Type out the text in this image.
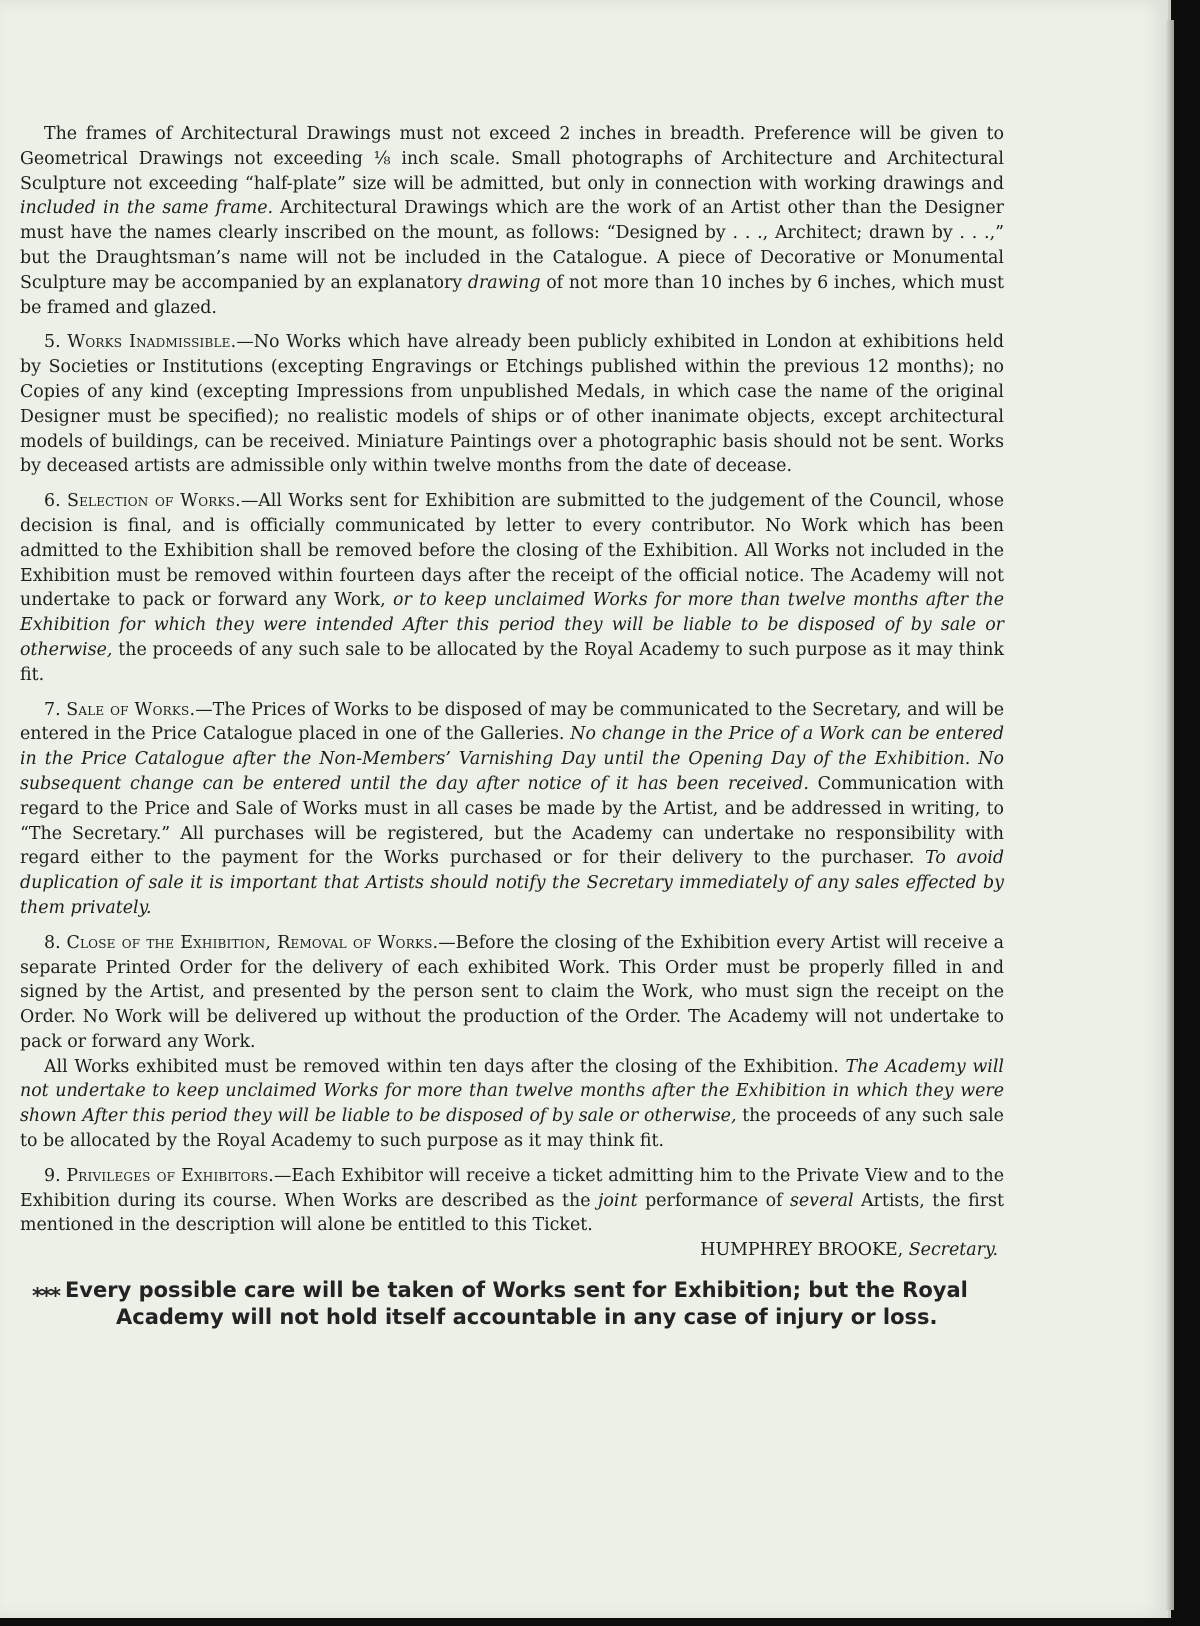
The frames of Architectural Drawings must not exceed 2 inches in breadth. Preference will be given to Geometrical Drawings not exceeding ⅛ inch scale. Small photographs of Architecture and Architectural Sculpture not exceeding “half-plate” size will be admitted, but only in connection with working drawings and included in the same frame. Architectural Drawings which are the work of an Artist other than the Designer must have the names clearly inscribed on the mount, as follows: “Designed by . . ., Architect; drawn by . . .,” but the Draughtsman’s name will not be included in the Catalogue. A piece of Decorative or Monumental Sculpture may be accompanied by an explanatory drawing of not more than 10 inches by 6 inches, which must be framed and glazed.

5. Works Inadmissible.—No Works which have already been publicly exhibited in London at exhibitions held by Societies or Institutions (excepting Engravings or Etchings published within the previous 12 months); no Copies of any kind (excepting Impressions from unpublished Medals, in which case the name of the original Designer must be specified); no realistic models of ships or of other inanimate objects, except architectural models of buildings, can be received. Miniature Paintings over a photographic basis should not be sent. Works by deceased artists are admissible only within twelve months from the date of decease.

6. Selection of Works.—All Works sent for Exhibition are submitted to the judgement of the Council, whose decision is final, and is officially communicated by letter to every contributor. No Work which has been admitted to the Exhibition shall be removed before the closing of the Exhibition. All Works not included in the Exhibition must be removed within fourteen days after the receipt of the official notice. The Academy will not undertake to pack or forward any Work, or to keep unclaimed Works for more than twelve months after the Exhibition for which they were intended After this period they will be liable to be disposed of by sale or otherwise, the proceeds of any such sale to be allocated by the Royal Academy to such purpose as it may think fit.

7. Sale of Works.—The Prices of Works to be disposed of may be communicated to the Secretary, and will be entered in the Price Catalogue placed in one of the Galleries. No change in the Price of a Work can be entered in the Price Catalogue after the Non-Members’ Varnishing Day until the Opening Day of the Exhibition. No subsequent change can be entered until the day after notice of it has been received. Communication with regard to the Price and Sale of Works must in all cases be made by the Artist, and be addressed in writing, to “The Secretary.” All purchases will be registered, but the Academy can undertake no responsibility with regard either to the payment for the Works purchased or for their delivery to the purchaser. To avoid duplication of sale it is important that Artists should notify the Secretary immediately of any sales effected by them privately.

8. Close of the Exhibition, Removal of Works.—Before the closing of the Exhibition every Artist will receive a separate Printed Order for the delivery of each exhibited Work. This Order must be properly filled in and signed by the Artist, and presented by the person sent to claim the Work, who must sign the receipt on the Order. No Work will be delivered up without the production of the Order. The Academy will not undertake to pack or forward any Work.

All Works exhibited must be removed within ten days after the closing of the Exhibition. The Academy will not undertake to keep unclaimed Works for more than twelve months after the Exhibition in which they were shown After this period they will be liable to be disposed of by sale or otherwise, the proceeds of any such sale to be allocated by the Royal Academy to such purpose as it may think fit.

9. Privileges of Exhibitors.—Each Exhibitor will receive a ticket admitting him to the Private View and to the Exhibition during its course. When Works are described as the joint performance of several Artists, the first mentioned in the description will alone be entitled to this Ticket.

HUMPHREY BROOKE, Secretary.

⁎⁎⁎ Every possible care will be taken of Works sent for Exhibition; but the Royal Academy will not hold itself accountable in any case of injury or loss.
